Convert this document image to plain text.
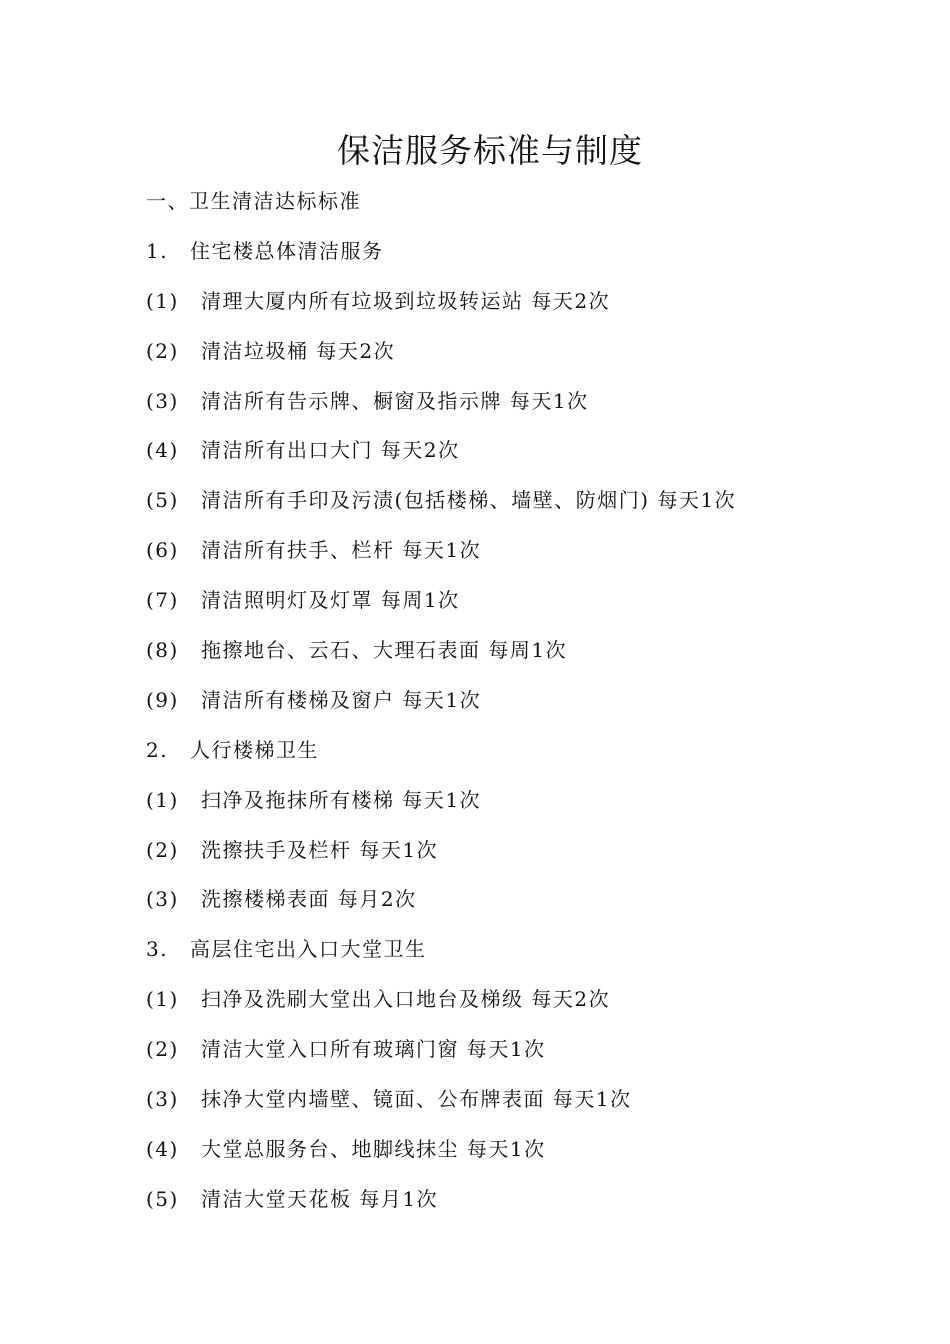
保洁服务标准与制度
一、卫生清洁达标标准
1. 住宅楼总体清洁服务
(1) 清理大厦内所有垃圾到垃圾转运站 每天2次
(2) 清洁垃圾桶 每天2次
(3) 清洁所有告示牌、橱窗及指示牌 每天1次
(4) 清洁所有出口大门 每天2次
(5) 清洁所有手印及污渍(包括楼梯、墙壁、防烟门) 每天1次
(6) 清洁所有扶手、栏杆 每天1次
(7) 清洁照明灯及灯罩 每周1次
(8) 拖擦地台、云石、大理石表面 每周1次
(9) 清洁所有楼梯及窗户 每天1次
2. 人行楼梯卫生
(1) 扫净及拖抹所有楼梯 每天1次
(2) 洗擦扶手及栏杆 每天1次
(3) 洗擦楼梯表面 每月2次
3. 高层住宅出入口大堂卫生
(1) 扫净及洗刷大堂出入口地台及梯级 每天2次
(2) 清洁大堂入口所有玻璃门窗 每天1次
(3) 抹净大堂内墙壁、镜面、公布牌表面 每天1次
(4) 大堂总服务台、地脚线抹尘 每天1次
(5) 清洁大堂天花板 每月1次
